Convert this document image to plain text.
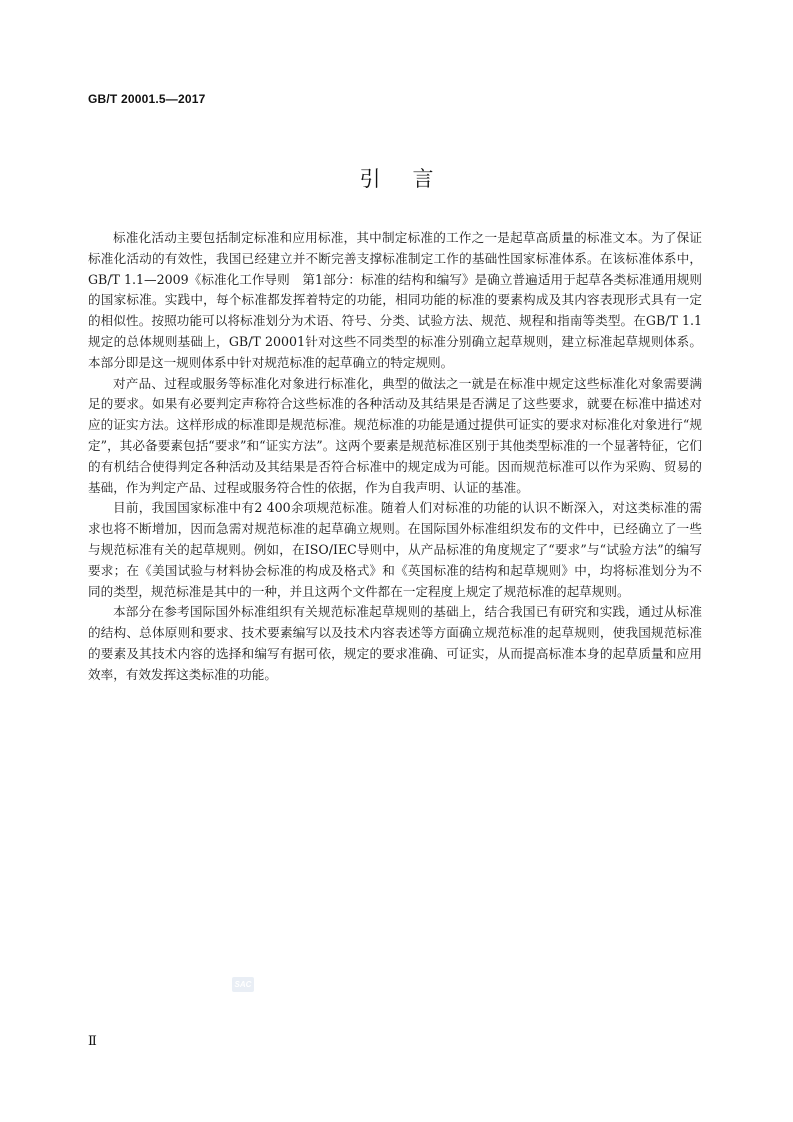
GB/T 20001.5—2017
引言

标准化活动主要包括制定标准和应用标准，其中制定标准的工作之一是起草高质量的标准文本。为了保证标准化活动的有效性，我国已经建立并不断完善支撑标准制定工作的基础性国家标准体系。在该标准体系中，GB/T 1.1—2009《标准化工作导则　第1部分：标准的结构和编写》是确立普遍适用于起草各类标准通用规则的国家标准。实践中，每个标准都发挥着特定的功能，相同功能的标准的要素构成及其内容表现形式具有一定的相似性。按照功能可以将标准划分为术语、符号、分类、试验方法、规范、规程和指南等类型。在GB/T 1.1规定的总体规则基础上，GB/T 20001针对这些不同类型的标准分别确立起草规则，建立标准起草规则体系。本部分即是这一规则体系中针对规范标准的起草确立的特定规则。

对产品、过程或服务等标准化对象进行标准化，典型的做法之一就是在标准中规定这些标准化对象需要满足的要求。如果有必要判定声称符合这些标准的各种活动及其结果是否满足了这些要求，就要在标准中描述对应的证实方法。这样形成的标准即是规范标准。规范标准的功能是通过提供可证实的要求对标准化对象进行“规定”，其必备要素包括“要求”和“证实方法”。这两个要素是规范标准区别于其他类型标准的一个显著特征，它们的有机结合使得判定各种活动及其结果是否符合标准中的规定成为可能。因而规范标准可以作为采购、贸易的基础，作为判定产品、过程或服务符合性的依据，作为自我声明、认证的基准。

目前，我国国家标准中有2 400余项规范标准。随着人们对标准的功能的认识不断深入，对这类标准的需求也将不断增加，因而急需对规范标准的起草确立规则。在国际国外标准组织发布的文件中，已经确立了一些与规范标准有关的起草规则。例如，在ISO/IEC导则中，从产品标准的角度规定了“要求”与“试验方法”的编写要求；在《美国试验与材料协会标准的构成及格式》和《英国标准的结构和起草规则》中，均将标准划分为不同的类型，规范标准是其中的一种，并且这两个文件都在一定程度上规定了规范标准的起草规则。

本部分在参考国际国外标准组织有关规范标准起草规则的基础上，结合我国已有研究和实践，通过从标准的结构、总体原则和要求、技术要素编写以及技术内容表述等方面确立规范标准的起草规则，使我国规范标准的要素及其技术内容的选择和编写有据可依，规定的要求准确、可证实，从而提高标准本身的起草质量和应用效率，有效发挥这类标准的功能。

SAC
Ⅱ
